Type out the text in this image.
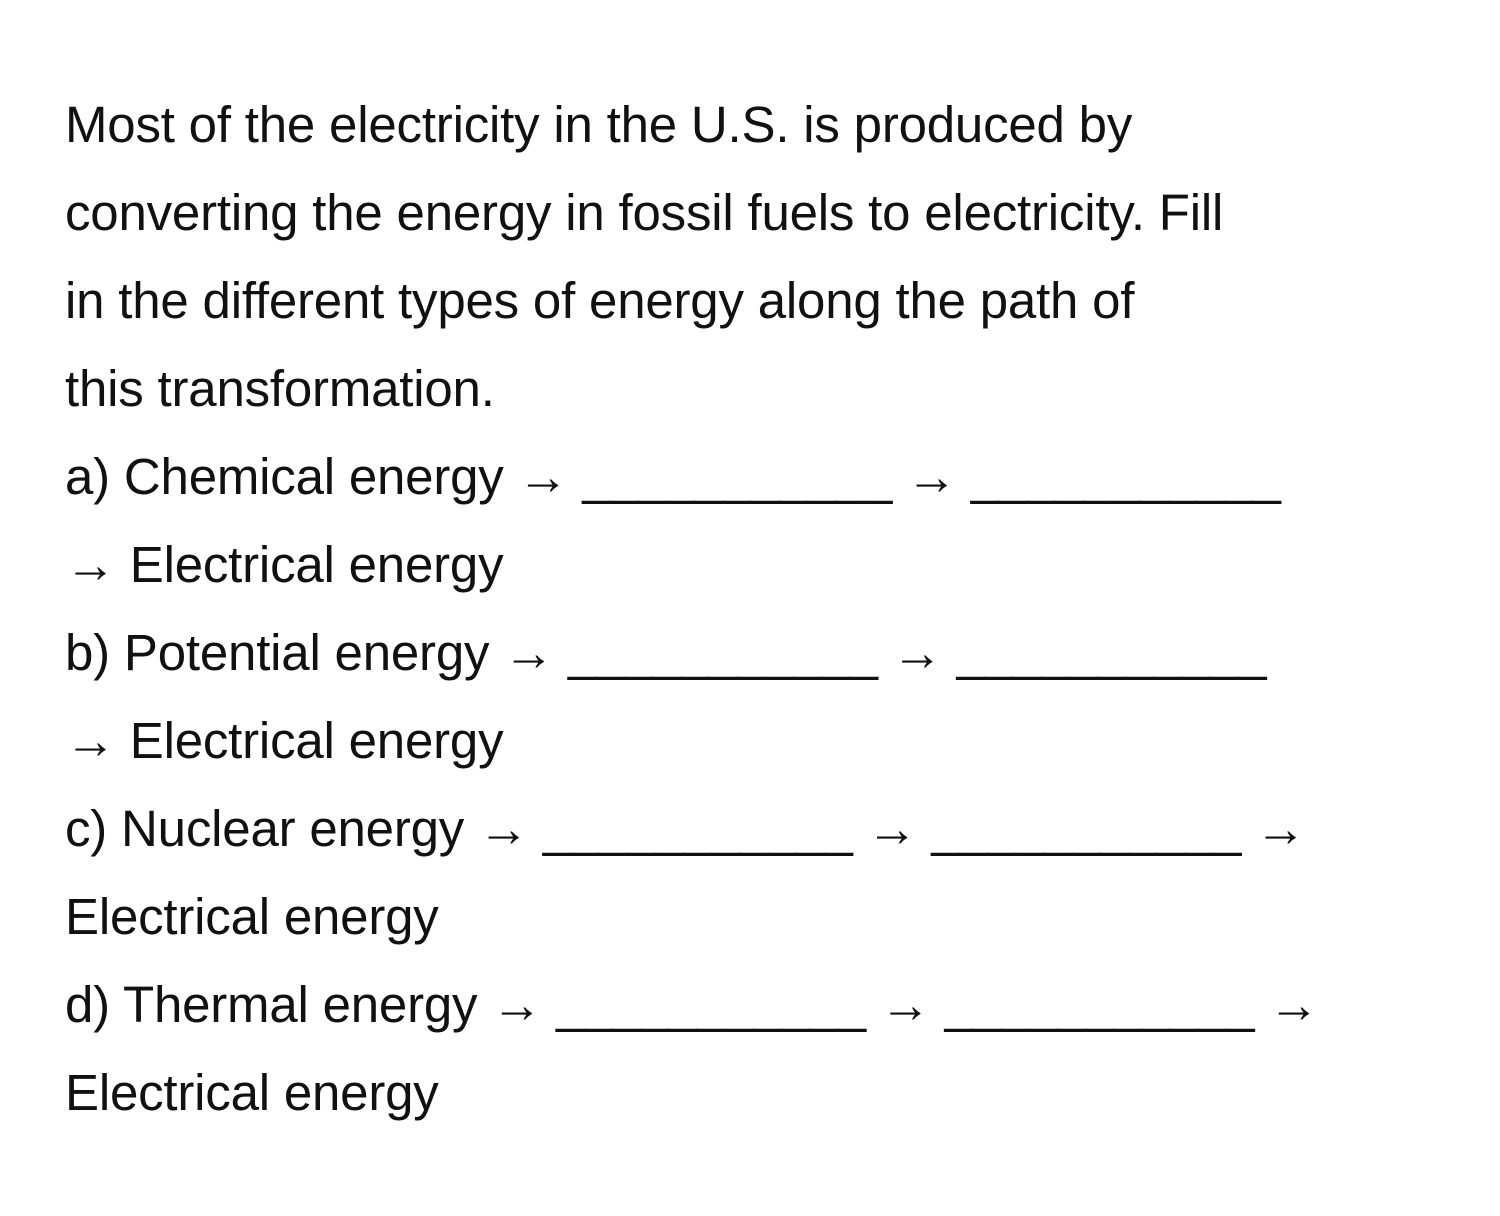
Most of the electricity in the U.S. is produced by
converting the energy in fossil fuels to electricity. Fill
in the different types of energy along the path of
this transformation.
a) Chemical energy → ___________ → ___________
→ Electrical energy
b) Potential energy → ___________ → ___________
→ Electrical energy
c) Nuclear energy → ___________ → ___________ →
Electrical energy
d) Thermal energy → ___________ → ___________ →
Electrical energy
